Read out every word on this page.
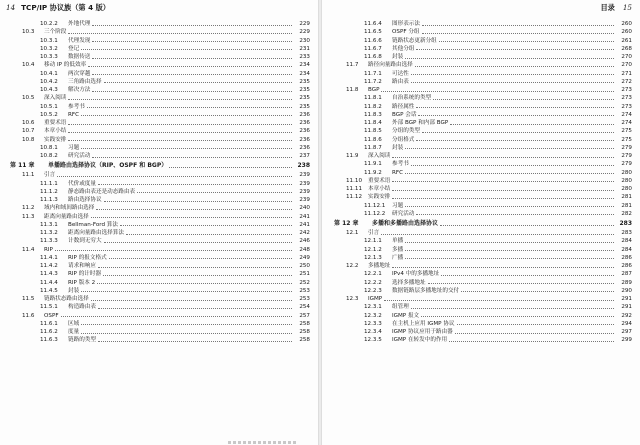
14 TCP/IP 协议族（第 4 版）
10.2.2	外地代理	229
10.3	三个阶段	229
10.3.1	代理发现	230
10.3.2	登记	231
10.3.3	数据传送	233
10.4	移动 IP 的低效率	234
10.4.1	两次穿越	234
10.4.2	三角路由选择	235
10.4.3	解决方法	235
10.5	深入阅读	235
10.5.1	参考书	235
10.5.2	RFC	236
10.6	重要术语	236
10.7	本章小结	236
10.8	实践安排	236
10.8.1	习题	236
10.8.2	研究活动	237
第 11 章	单播路由选择协议（RIP、OSPF 和 BGP）	238
11.1	引言	239
11.1.1	代价或度量	239
11.1.2	静态路由表还是动态路由表	239
11.1.3	路由选择协议	239
11.2	域内和域间路由选择	240
11.3	距离向量路由选择	241
11.3.1	Bellman-Ford 算法	241
11.3.2	距离向量路由选择算法	242
11.3.3	计数到无穷大	246
11.4	RIP	248
11.4.1	RIP 的报文格式	249
11.4.2	请求和响应	250
11.4.3	RIP 的计时器	251
11.4.4	RIP 版本 2	252
11.4.5	封装	253
11.5	链路状态路由选择	253
11.5.1	构造路由表	254
11.6	OSPF	257
11.6.1	区域	258
11.6.2	度量	258
11.6.3	链路的类型	258
目录 15
11.6.4	图形表示法	260
11.6.5	OSPF 分组	260
11.6.6	链路状态更新分组	261
11.6.7	其他分组	268
11.6.8	封装	270
11.7	路径向量路由选择	270
11.7.1	可达性	271
11.7.2	路由表	272
11.8	BGP	273
11.8.1	自治系统的类型	273
11.8.2	路径属性	273
11.8.3	BGP 会话	274
11.8.4	外部 BGP 和内部 BGP	274
11.8.5	分组的类型	275
11.8.6	分组格式	275
11.8.7	封装	279
11.9	深入阅读	279
11.9.1	参考书	279
11.9.2	RFC	280
11.10	重要术语	280
11.11	本章小结	280
11.12	实践安排	281
11.12.1	习题	281
11.12.2	研究活动	282
第 12 章	多播和多播路由选择协议	283
12.1	引言	283
12.1.1	单播	284
12.1.2	多播	284
12.1.3	广播	286
12.2	多播地址	286
12.2.1	IPv4 中的多播地址	287
12.2.2	选择多播地址	289
12.2.3	数据链路层多播地址的交付	290
12.3	IGMP	291
12.3.1	组管理	291
12.3.2	IGMP 报文	292
12.3.3	在主机上应用 IGMP 协议	294
12.3.4	IGMP 协议应用于路由器	297
12.3.5	IGMP 在转发中的作用	299
